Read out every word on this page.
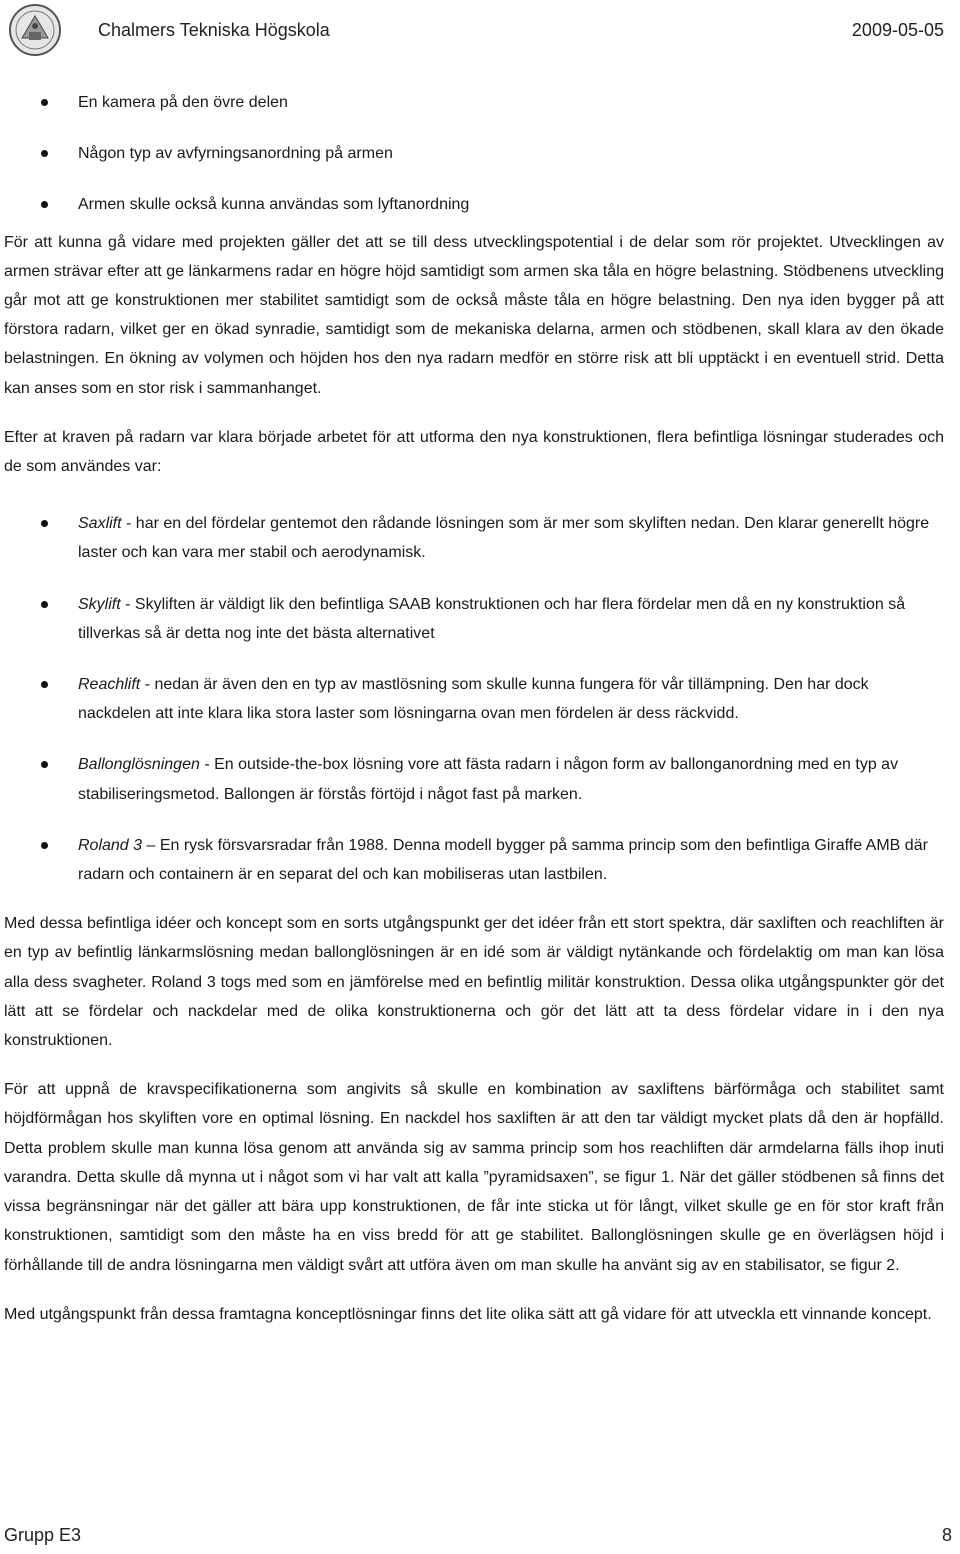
Chalmers Tekniska Högskola	2009-05-05
En kamera på den övre delen
Någon typ av avfyrningsanordning på armen
Armen skulle också kunna användas som lyftanordning

För att kunna gå vidare med projekten gäller det att se till dess utvecklingspotential i de delar som rör projektet. Utvecklingen av armen strävar efter att ge länkarmens radar en högre höjd samtidigt som armen ska tåla en högre belastning. Stödbenens utveckling går mot att ge konstruktionen mer stabilitet samtidigt som de också måste tåla en högre belastning. Den nya iden bygger på att förstora radarn, vilket ger en ökad synradie, samtidigt som de mekaniska delarna, armen och stödbenen, skall klara av den ökade belastningen. En ökning av volymen och höjden hos den nya radarn medför en större risk att bli upptäckt i en eventuell strid. Detta kan anses som en stor risk i sammanhanget.

Efter at kraven på radarn var klara började arbetet för att utforma den nya konstruktionen, flera befintliga lösningar studerades och de som användes var:

Saxlift - har en del fördelar gentemot den rådande lösningen som är mer som skyliften nedan. Den klarar generellt högre laster och kan vara mer stabil och aerodynamisk.
Skylift - Skyliften är väldigt lik den befintliga SAAB konstruktionen och har flera fördelar men då en ny konstruktion så tillverkas så är detta nog inte det bästa alternativet
Reachlift - nedan är även den en typ av mastlösning som skulle kunna fungera för vår tillämpning. Den har dock nackdelen att inte klara lika stora laster som lösningarna ovan men fördelen är dess räckvidd.
Ballonglösningen - En outside-the-box lösning vore att fästa radarn i någon form av ballonganordning med en typ av stabiliseringsmetod. Ballongen är förstås förtöjd i något fast på marken.
Roland 3 – En rysk försvarsradar från 1988. Denna modell bygger på samma princip som den befintliga Giraffe AMB där radarn och containern är en separat del och kan mobiliseras utan lastbilen.

Med dessa befintliga idéer och koncept som en sorts utgångspunkt ger det idéer från ett stort spektra, där saxliften och reachliften är en typ av befintlig länkarmslösning medan ballonglösningen är en idé som är väldigt nytänkande och fördelaktig om man kan lösa alla dess svagheter. Roland 3 togs med som en jämförelse med en befintlig militär konstruktion. Dessa olika utgångspunkter gör det lätt att se fördelar och nackdelar med de olika konstruktionerna och gör det lätt att ta dess fördelar vidare in i den nya konstruktionen.

För att uppnå de kravspecifikationerna som angivits så skulle en kombination av saxliftens bärförmåga och stabilitet samt höjdförmågan hos skyliften vore en optimal lösning. En nackdel hos saxliften är att den tar väldigt mycket plats då den är hopfälld. Detta problem skulle man kunna lösa genom att använda sig av samma princip som hos reachliften där armdelarna fälls ihop inuti varandra. Detta skulle då mynna ut i något som vi har valt att kalla ”pyramidsaxen”, se figur 1. När det gäller stödbenen så finns det vissa begränsningar när det gäller att bära upp konstruktionen, de får inte sticka ut för långt, vilket skulle ge en för stor kraft från konstruktionen, samtidigt som den måste ha en viss bredd för att ge stabilitet. Ballonglösningen skulle ge en överlägsen höjd i förhållande till de andra lösningarna men väldigt svårt att utföra även om man skulle ha använt sig av en stabilisator, se figur 2.

Med utgångspunkt från dessa framtagna konceptlösningar finns det lite olika sätt att gå vidare för att utveckla ett vinnande koncept.

Grupp E3	8
